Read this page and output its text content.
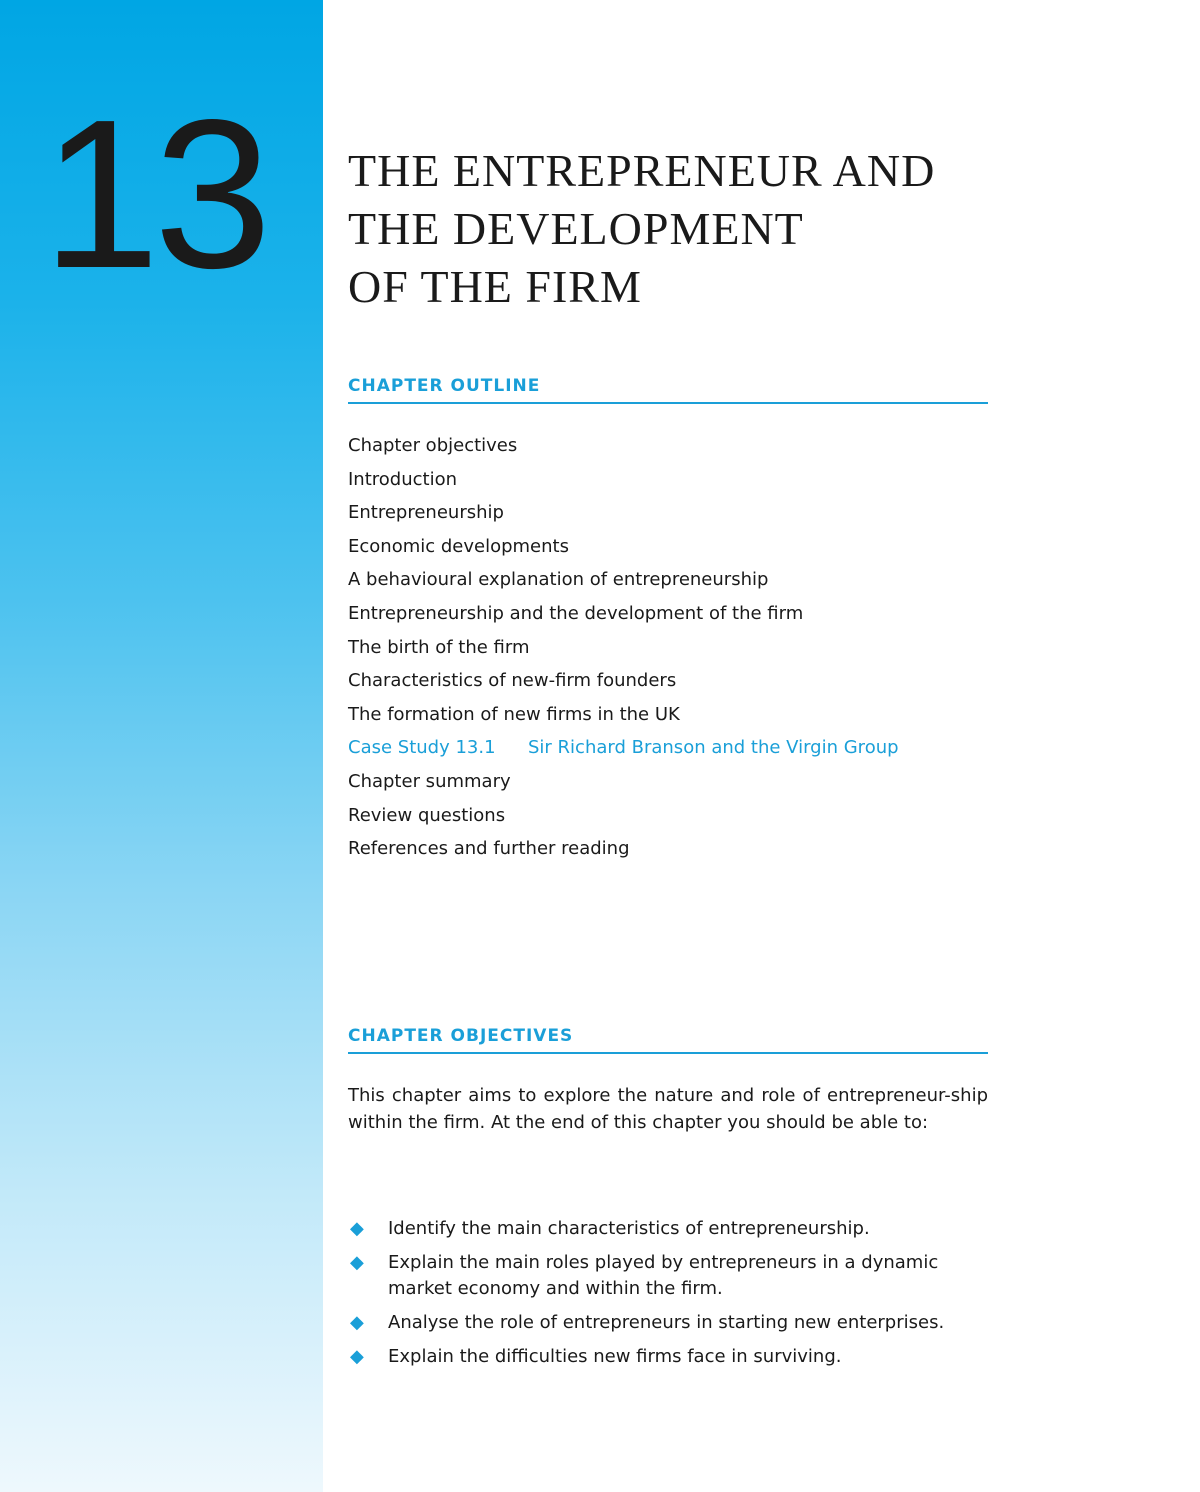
13 THE ENTREPRENEUR AND
THE DEVELOPMENT
OF THE FIRM
CHAPTER OUTLINE
Chapter objectives
Introduction
Entrepreneurship
Economic developments
A behavioural explanation of entrepreneurship
Entrepreneurship and the development of the firm
The birth of the firm
Characteristics of new-firm founders
The formation of new firms in the UK
Case Study 13.1 Sir Richard Branson and the Virgin Group
Chapter summary
Review questions
References and further reading
CHAPTER OBJECTIVES

This chapter aims to explore the nature and role of entrepreneur-ship within the firm. At the end of this chapter you should be able to:

◆ Identify the main characteristics of entrepreneurship.
◆ Explain the main roles played by entrepreneurs in a dynamic market economy and within the firm.
◆ Analyse the role of entrepreneurs in starting new enterprises.
◆ Explain the difficulties new firms face in surviving.
